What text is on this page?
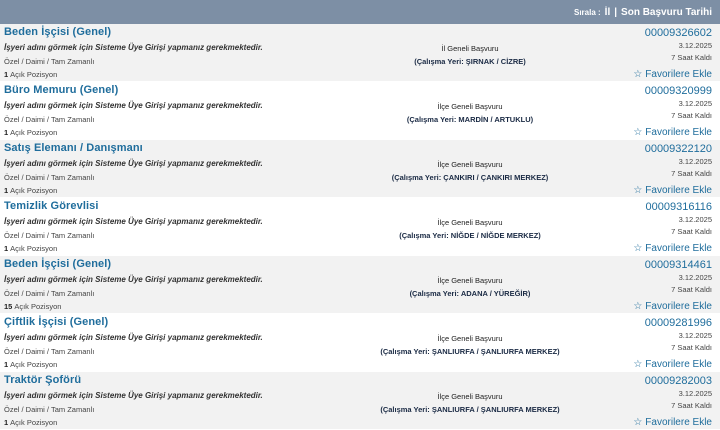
Sırala : İl | Son Başvuru Tarihi
Beden İşçisi (Genel)
İşyeri adını görmek için Sisteme Üye Girişi yapmanız gerekmektedir.
Özel / Daimi / Tam Zamanlı
1 Açık Pozisyon
İl Geneli Başvuru
(Çalışma Yeri: ŞIRNAK / CİZRE)
00009326602
3.12.2025
7 Saat Kaldı
☆ Favorilere Ekle
Büro Memuru (Genel)
İşyeri adını görmek için Sisteme Üye Girişi yapmanız gerekmektedir.
Özel / Daimi / Tam Zamanlı
1 Açık Pozisyon
İlçe Geneli Başvuru
(Çalışma Yeri: MARDİN / ARTUKLU)
00009320999
3.12.2025
7 Saat Kaldı
☆ Favorilere Ekle
Satış Elemanı / Danışmanı
İşyeri adını görmek için Sisteme Üye Girişi yapmanız gerekmektedir.
Özel / Daimi / Tam Zamanlı
1 Açık Pozisyon
İlçe Geneli Başvuru
(Çalışma Yeri: ÇANKIRI / ÇANKIRI MERKEZ)
00009322120
3.12.2025
7 Saat Kaldı
☆ Favorilere Ekle
Temizlik Görevlisi
İşyeri adını görmek için Sisteme Üye Girişi yapmanız gerekmektedir.
Özel / Daimi / Tam Zamanlı
1 Açık Pozisyon
İlçe Geneli Başvuru
(Çalışma Yeri: NİĞDE / NİĞDE MERKEZ)
00009316116
3.12.2025
7 Saat Kaldı
☆ Favorilere Ekle
Beden İşçisi (Genel)
İşyeri adını görmek için Sisteme Üye Girişi yapmanız gerekmektedir.
Özel / Daimi / Tam Zamanlı
15 Açık Pozisyon
İlçe Geneli Başvuru
(Çalışma Yeri: ADANA / YÜREĞİR)
00009314461
3.12.2025
7 Saat Kaldı
☆ Favorilere Ekle
Çiftlik İşçisi (Genel)
İşyeri adını görmek için Sisteme Üye Girişi yapmanız gerekmektedir.
Özel / Daimi / Tam Zamanlı
1 Açık Pozisyon
İlçe Geneli Başvuru
(Çalışma Yeri: ŞANLIURFA / ŞANLIURFA MERKEZ)
00009281996
3.12.2025
7 Saat Kaldı
☆ Favorilere Ekle
Traktör Şoförü
İşyeri adını görmek için Sisteme Üye Girişi yapmanız gerekmektedir.
Özel / Daimi / Tam Zamanlı
1 Açık Pozisyon
İlçe Geneli Başvuru
(Çalışma Yeri: ŞANLIURFA / ŞANLIURFA MERKEZ)
00009282003
3.12.2025
7 Saat Kaldı
☆ Favorilere Ekle
